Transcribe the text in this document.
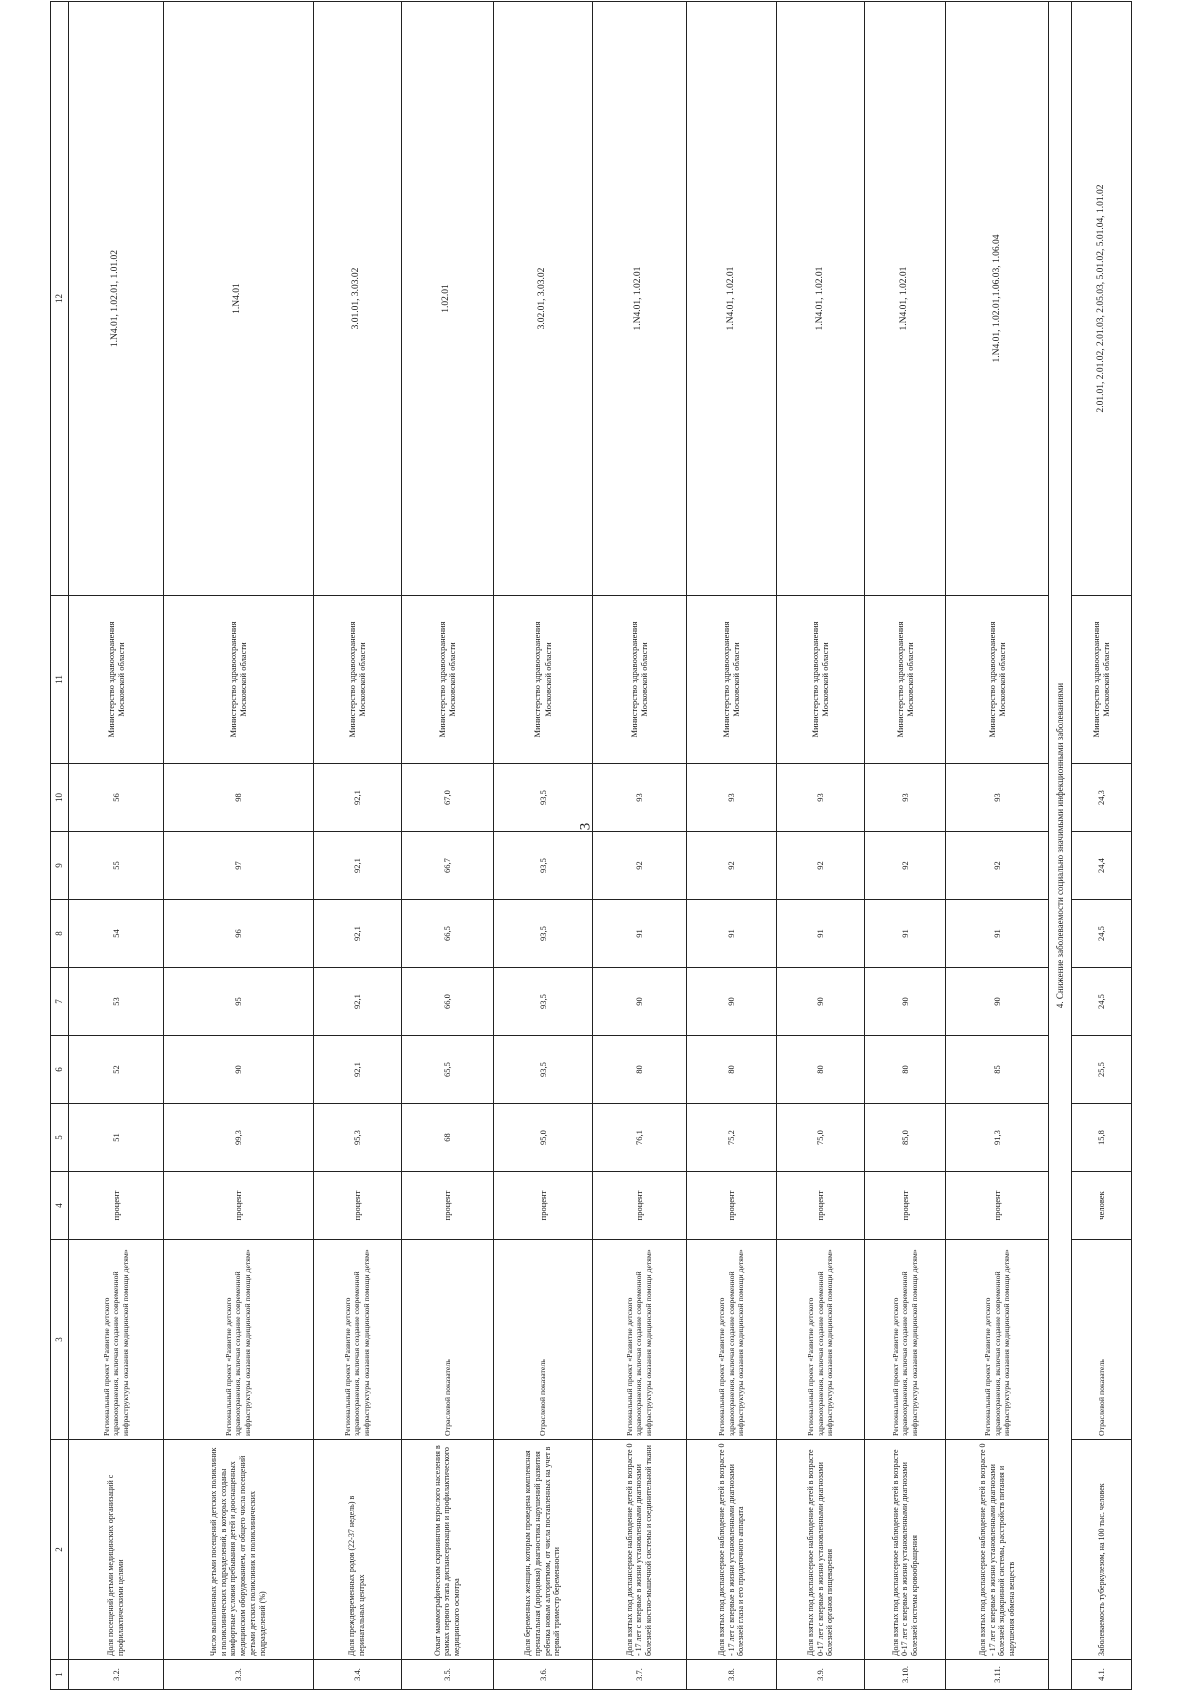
3
1	2	3	4	5	6	7	8	9	10	11	12
3.2.	Доля посещений детьми медицинских организаций с профилактическими целями	Региональный проект «Развитие детского здравоохранения, включая создание современной инфраструктуры оказания медицинской помощи детям»	процент	51	52	53	54	55	56	Министерство здравоохранения Московской области	1.N4.01, 1.02.01, 1.01.02
3.3.	Число выполненных детьми посещений детских поликлиник и поликлинических подразделений, в которых созданы комфортные условия пребывания детей и дооснащенных медицинским оборудованием, от общего числа посещений детьми детских поликлиник и поликлинических подразделений (%)	Региональный проект «Развитие детского здравоохранения, включая создание современной инфраструктуры оказания медицинской помощи детям»	процент	99,3	90	95	96	97	98	Министерство здравоохранения Московской области	1.N4.01
3.4.	Доля преждевременных родов (22-37 недель) в перинатальных центрах	Региональный проект «Развитие детского здравоохранения, включая создание современной инфраструктуры оказания медицинской помощи детям»	процент	95,3	92,1	92,1	92,1	92,1	92,1	Министерство здравоохранения Московской области	3.01.01, 3.03.02
3.5.	Охват маммографическим скринингом взрослого населения в рамках первого этапа диспансеризации и профилактического медицинского осмотра	Отраслевой показатель	процент	68	65,5	66,0	66,5	66,7	67,0	Министерство здравоохранения Московской области	1.02.01
3.6.	Доля беременных женщин, которым проведена комплексная пренатальная (дородовая) диагностика нарушений развития ребенка новым алгоритмом, от числа поставленных на учет в первый триместр беременности	Отраслевой показатель	процент	95,0	93,5	93,5	93,5	93,5	93,5	Министерство здравоохранения Московской области	3.02.01, 3.03.02
3.7.	Доля взятых под диспансерное наблюдение детей в возрасте 0 - 17 лет с впервые в жизни установленными диагнозами болезней костно-мышечной системы и соединительной ткани	Региональный проект «Развитие детского здравоохранения, включая создание современной инфраструктуры оказания медицинской помощи детям»	процент	76,1	80	90	91	92	93	Министерство здравоохранения Московской области	1.N4.01, 1.02.01
3.8.	Доля взятых под диспансерное наблюдение детей в возрасте 0 - 17 лет с впервые в жизни установленными диагнозами болезней глаза и его придаточного аппарата	Региональный проект «Развитие детского здравоохранения, включая создание современной инфраструктуры оказания медицинской помощи детям»	процент	75,2	80	90	91	92	93	Министерство здравоохранения Московской области	1.N4.01, 1.02.01
3.9.	Доля взятых под диспансерное наблюдение детей в возрасте 0-17 лет с впервые в жизни установленными диагнозами болезней органов пищеварения	Региональный проект «Развитие детского здравоохранения, включая создание современной инфраструктуры оказания медицинской помощи детям»	процент	75,0	80	90	91	92	93	Министерство здравоохранения Московской области	1.N4.01, 1.02.01
3.10.	Доля взятых под диспансерное наблюдение детей в возрасте 0-17 лет с впервые в жизни установленными диагнозами болезней системы кровообращения	Региональный проект «Развитие детского здравоохранения, включая создание современной инфраструктуры оказания медицинской помощи детям»	процент	85,0	80	90	91	92	93	Министерство здравоохранения Московской области	1.N4.01, 1.02.01
3.11.	Доля взятых под диспансерное наблюдение детей в возрасте 0 - 17 лет с впервые в жизни установленными диагнозами болезней эндокринной системы, расстройств питания и нарушения обмена веществ	Региональный проект «Развитие детского здравоохранения, включая создание современной инфраструктуры оказания медицинской помощи детям»	процент	91,3	85	90	91	92	93	Министерство здравоохранения Московской области	1.N4.01, 1.02.01,1.06.03, 1.06.04
4. Снижение заболеваемости социально значимыми инфекционными заболеваниями											
4.1.	Заболеваемость туберкулезом, на 100 тыс. человек	Отраслевой показатель	человек	15,8	25,5	24,5	24,5	24,4	24,3	Министерство здравоохранения Московской области	2.01.01, 2.01.02, 2.01.03, 2.05.03, 5.01.02, 5.01.04, 1.01.02
